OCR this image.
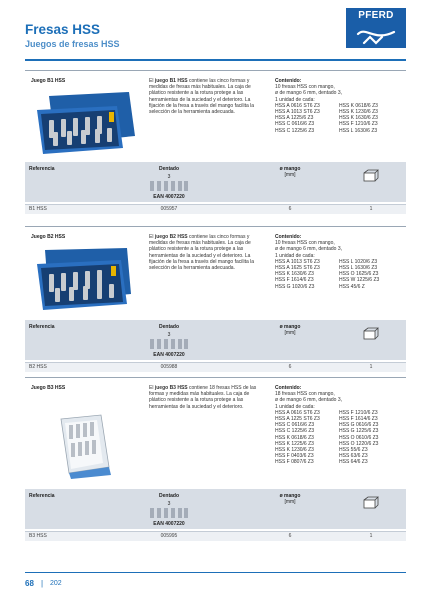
Fresas HSS
Juegos de fresas HSS
PFERD
Juego B1 HSS	El juego B1 HSS contiene las cinco formas y medidas de fresas más habituales. La caja de plástico resistente a la rotura protege a las herramientas de la suciedad y el deterioro. La fijación de la fresa a través del mango facilita la selección de la herramienta adecuada.
Contenido:
10 fresas HSS con mango,
ø de mango 6 mm, dentado 3,
1 unidad de cada:
HSS A 0616 ST6 Z3	HSS K 0618/6 Z3
HSS A 1013 ST6 Z3	HSS K 1230/6 Z3
HSS A 1225/6 Z3	HSS K 1630/6 Z3
HSS C 0616/6 Z3	HSS F 1210/6 Z3
HSS C 1225/6 Z3	HSS L 1630/6 Z3
Referencia	Dentado
3
EAN 4007220
ø mango
[mm]
B1 HSS	005957	6	1
Juego B2 HSS	El juego B2 HSS contiene las cinco formas y medidas de fresas más habituales. La caja de plástico resistente a la rotura protege a las herramientas de la suciedad y el deterioro. La fijación de la fresa a través del mango facilita la selección de la herramienta adecuada.
Contenido:
10 fresas HSS con mango,
ø de mango 6 mm, dentado 3,
1 unidad de cada:
HSS A 1013 ST6 Z3	HSS L 1020/6 Z3
HSS A 1625 ST6 Z3	HSS L 1630/6 Z3
HSS K 1630/6 Z3	HSS O 1625/6 Z3
HSS F 1614/6 Z3	HSS W 1225/6 Z3
HSS G 1020/6 Z3	HSS 45/6 Z
Referencia	Dentado
3
EAN 4007220
ø mango
[mm]
B2 HSS	005988	6	1
Juego B3 HSS	El juego B3 HSS contiene 18 fresas HSS de las formas y medidas más habituales. La caja de plástico resistente a la rotura protege a las herramientas de la suciedad y el deterioro.
Contenido:
18 fresas HSS con mango,
ø de mango 6 mm, dentado 3,
1 unidad de cada:
HSS A 0616 ST6 Z3	HSS F 1210/6 Z3
HSS A 1225 ST6 Z3	HSS F 1614/6 Z3
HSS C 0616/6 Z3	HSS G 0616/6 Z3
HSS C 1225/6 Z3	HSS G 1225/6 Z3
HSS K 0618/6 Z3	HSS O 0610/6 Z3
HSS K 1225/6 Z3	HSS O 1220/6 Z3
HSS K 1230/6 Z3	HSS 55/6 Z3
HSS F 0403/6 Z3	HSS 63/6 Z3
HSS F 0807/6 Z3	HSS 64/6 Z3
Referencia	Dentado
3
EAN 4007220
ø mango
[mm]
B3 HSS	005995	6	1
68 | 202
